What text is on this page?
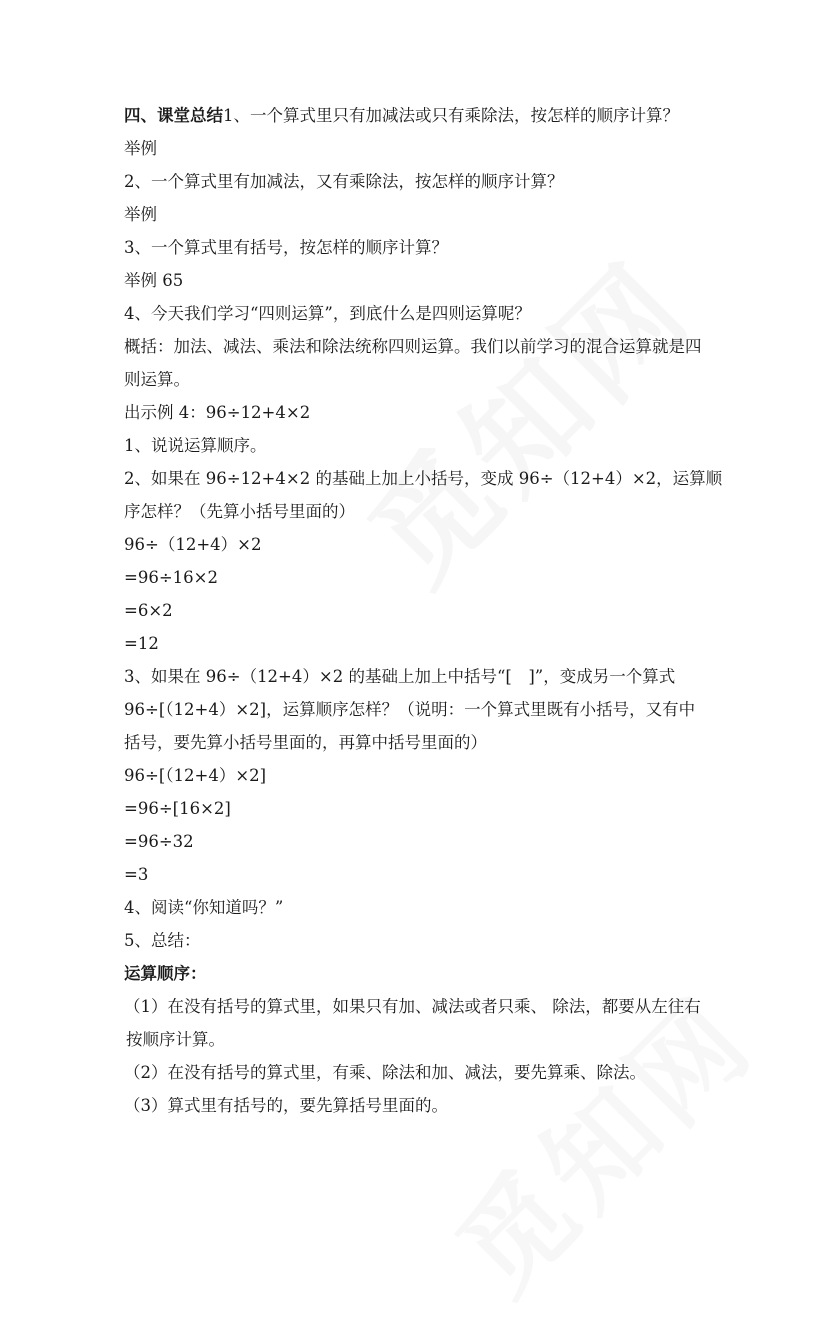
四、课堂总结1、一个算式里只有加减法或只有乘除法，按怎样的顺序计算？
举例
2、一个算式里有加减法，又有乘除法，按怎样的顺序计算？
举例
3、一个算式里有括号，按怎样的顺序计算？
举例 65
4、今天我们学习“四则运算”，到底什么是四则运算呢？
概括：加法、减法、乘法和除法统称四则运算。我们以前学习的混合运算就是四
则运算。
出示例 4：96÷12+4×2
1、说说运算顺序。
2、如果在 96÷12+4×2 的基础上加上小括号，变成 96÷（12+4）×2，运算顺
序怎样？（先算小括号里面的）
96÷（12+4）×2
=96÷16×2
=6×2
=12
3、如果在 96÷（12+4）×2 的基础上加上中括号“[　]”，变成另一个算式
96÷[（12+4）×2]，运算顺序怎样？（说明：一个算式里既有小括号，又有中
括号，要先算小括号里面的，再算中括号里面的）
96÷[（12+4）×2]
=96÷[16×2]
=96÷32
=3
4、阅读“你知道吗？”
5、总结：
运算顺序：
（1）在没有括号的算式里，如果只有加、减法或者只乘、 除法，都要从左往右
按顺序计算。
（2）在没有括号的算式里，有乘、除法和加、减法，要先算乘、除法。
（3）算式里有括号的，要先算括号里面的。
